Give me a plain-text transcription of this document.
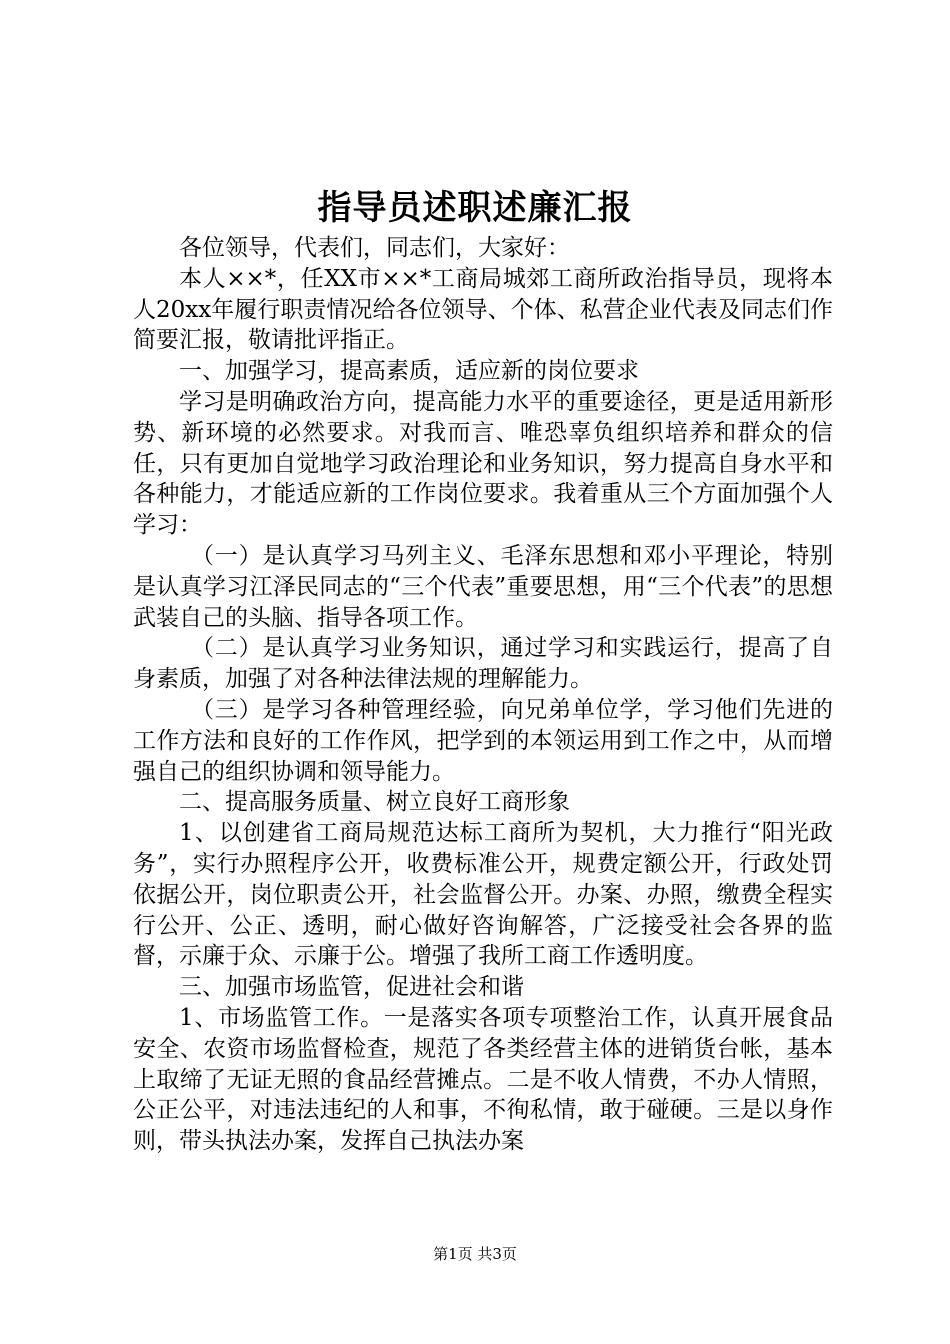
指导员述职述廉汇报

各位领导，代表们，同志们，大家好：

本人××*，任XX市××*工商局城郊工商所政治指导员，现将本人20xx年履行职责情况给各位领导、个体、私营企业代表及同志们作简要汇报，敬请批评指正。

一、加强学习，提高素质，适应新的岗位要求

学习是明确政治方向，提高能力水平的重要途径，更是适用新形势、新环境的必然要求。对我而言、唯恐辜负组织培养和群众的信任，只有更加自觉地学习政治理论和业务知识，努力提高自身水平和各种能力，才能适应新的工作岗位要求。我着重从三个方面加强个人学习：

（一）是认真学习马列主义、毛泽东思想和邓小平理论，特别是认真学习江泽民同志的“三个代表”重要思想，用“三个代表”的思想武装自己的头脑、指导各项工作。

（二）是认真学习业务知识，通过学习和实践运行，提高了自身素质，加强了对各种法律法规的理解能力。

（三）是学习各种管理经验，向兄弟单位学，学习他们先进的工作方法和良好的工作作风，把学到的本领运用到工作之中，从而增强自己的组织协调和领导能力。

二、提高服务质量、树立良好工商形象

1、以创建省工商局规范达标工商所为契机，大力推行“阳光政务”，实行办照程序公开，收费标准公开，规费定额公开，行政处罚依据公开，岗位职责公开，社会监督公开。办案、办照，缴费全程实行公开、公正、透明，耐心做好咨询解答，广泛接受社会各界的监督，示廉于众、示廉于公。增强了我所工商工作透明度。

三、加强市场监管，促进社会和谐

1、市场监管工作。一是落实各项专项整治工作，认真开展食品安全、农资市场监督检查，规范了各类经营主体的进销货台帐，基本上取缔了无证无照的食品经营摊点。二是不收人情费，不办人情照，公正公平，对违法违纪的人和事，不徇私情，敢于碰硬。三是以身作则，带头执法办案，发挥自己执法办案

第1页 共3页
